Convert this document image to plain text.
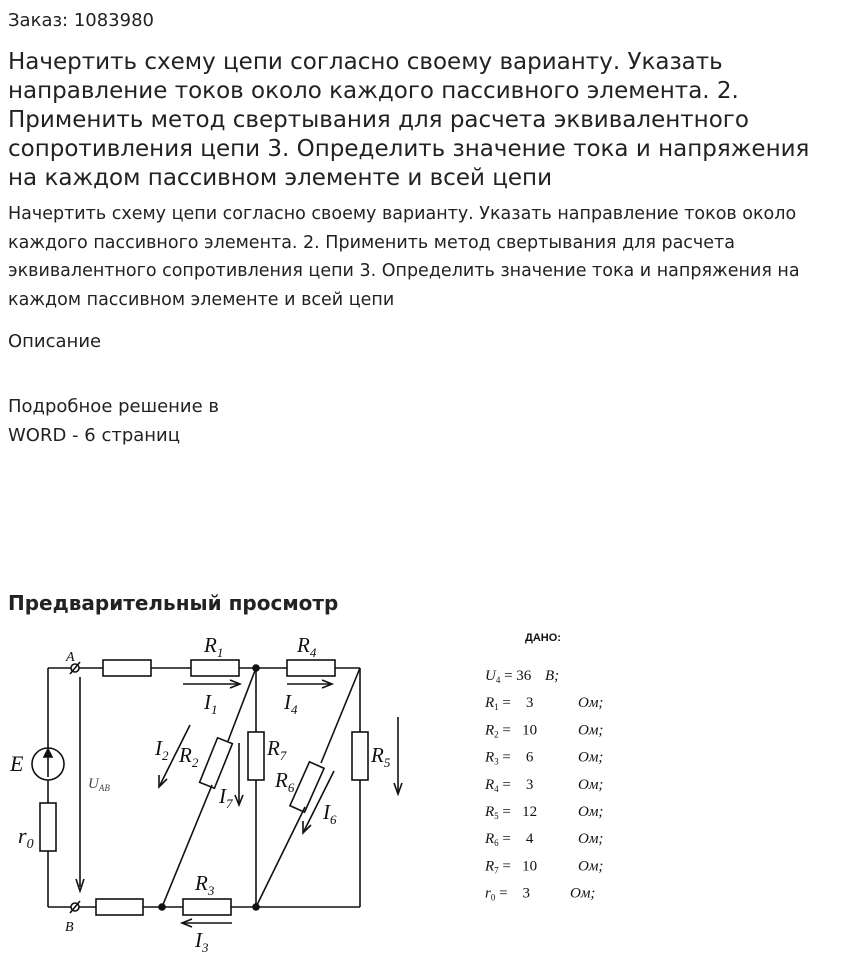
Заказ: 1083980
Начертить схему цепи согласно своему варианту. Указать направление токов около каждого пассивного элемента. 2. Применить метод свертывания для расчета эквивалентного сопротивления цепи 3. Определить значение тока и напряжения на каждом пассивном элементе и всей цепи
Начертить схему цепи согласно своему варианту. Указать направление токов около каждого пассивного элемента. 2. Применить метод свертывания для расчета эквивалентного сопротивления цепи 3. Определить значение тока и напряжения на каждом пассивном элементе и всей цепи
Описание
Подробное решение в
WORD - 6 страниц
Предварительный просмотр
A
B
E
$r_0$
$U_{AB}$
$R_1$	$R_4$
$I_1$	$I_4$
$I_2$ $R_2$
$R_7$
$I_7$
$R_6$
$I_6$
$R_5$
$R_3$
$I_3$
ДАНО:
$U_4 = 36$ В;
$R_1$ =    3	Ом;
$R_2 = 10$	Ом;
$R_3$ =    6	Ом;
$R_4$ =    3	Ом;
$R_5 = 12$	Ом;
$R_6$ =    4	Ом;
$R_7 = 10$	Ом;
$r_0$ =    3	Ом;
